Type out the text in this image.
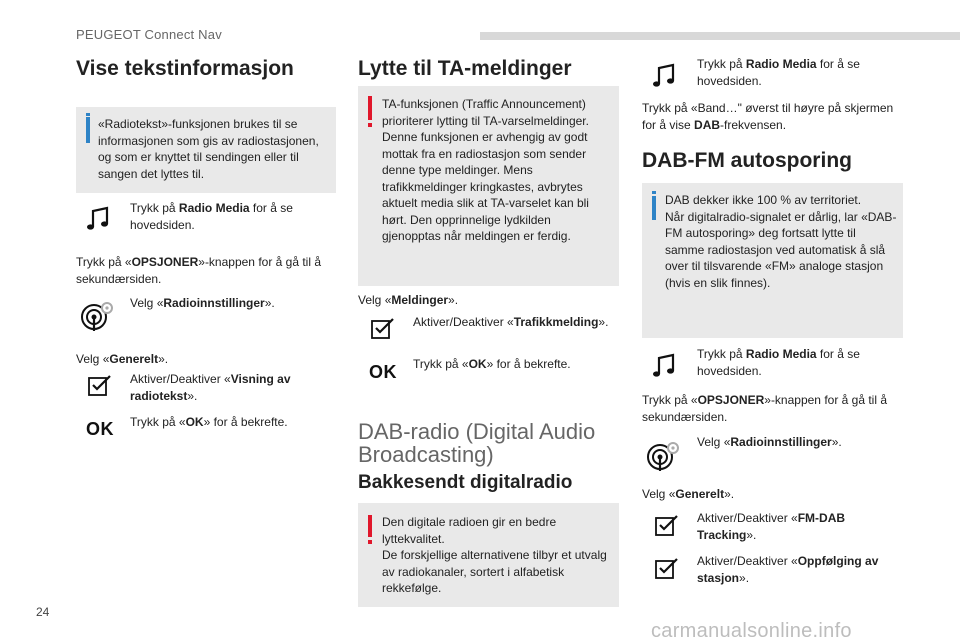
PEUGEOT Connect Nav
Vise tekstinformasjon
«Radiotekst»-funksjonen brukes til se informasjonen som gis av radiostasjonen, og som er knyttet til sendingen eller til sangen det lyttes til.
Trykk på Radio Media for å se hovedsiden.
Trykk på «OPSJONER»-knappen for å gå til å sekundærsiden.
Velg «Radioinnstillinger».
Velg «Generelt».
Aktiver/Deaktiver «Visning av radiotekst».
OK Trykk på «OK» for å bekrefte.
Lytte til TA-meldinger
TA-funksjonen (Traffic Announcement) prioriterer lytting til TA-varselmeldinger. Denne funksjonen er avhengig av godt mottak fra en radiostasjon som sender denne type meldinger. Mens trafikkmeldinger kringkastes, avbrytes aktuelt media slik at TA-varselet kan bli hørt. Den opprinnelige lydkilden gjenopptas når meldingen er ferdig.
Velg «Meldinger».
Aktiver/Deaktiver «Trafikkmelding».
OK Trykk på «OK» for å bekrefte.
DAB-radio (Digital Audio
Broadcasting)
Bakkesendt digitalradio
Den digitale radioen gir en bedre lyttekvalitet.
De forskjellige alternativene tilbyr et utvalg av radiokanaler, sortert i alfabetisk rekkefølge.
Trykk på Radio Media for å se hovedsiden.
Trykk på «Band…" øverst til høyre på skjermen for å vise DAB-frekvensen.
DAB-FM autosporing
DAB dekker ikke 100 % av territoriet.
Når digitalradio-signalet er dårlig, lar «DAB-FM autosporing» deg fortsatt lytte til samme radiostasjon ved automatisk å slå over til tilsvarende «FM» analoge stasjon (hvis en slik finnes).
Trykk på Radio Media for å se hovedsiden.
Trykk på «OPSJONER»-knappen for å gå til å sekundærsiden.
Velg «Radioinnstillinger».
Velg «Generelt».
Aktiver/Deaktiver «FM-DAB Tracking».
Aktiver/Deaktiver «Oppfølging av stasjon».
24
carmanualsonline.info
